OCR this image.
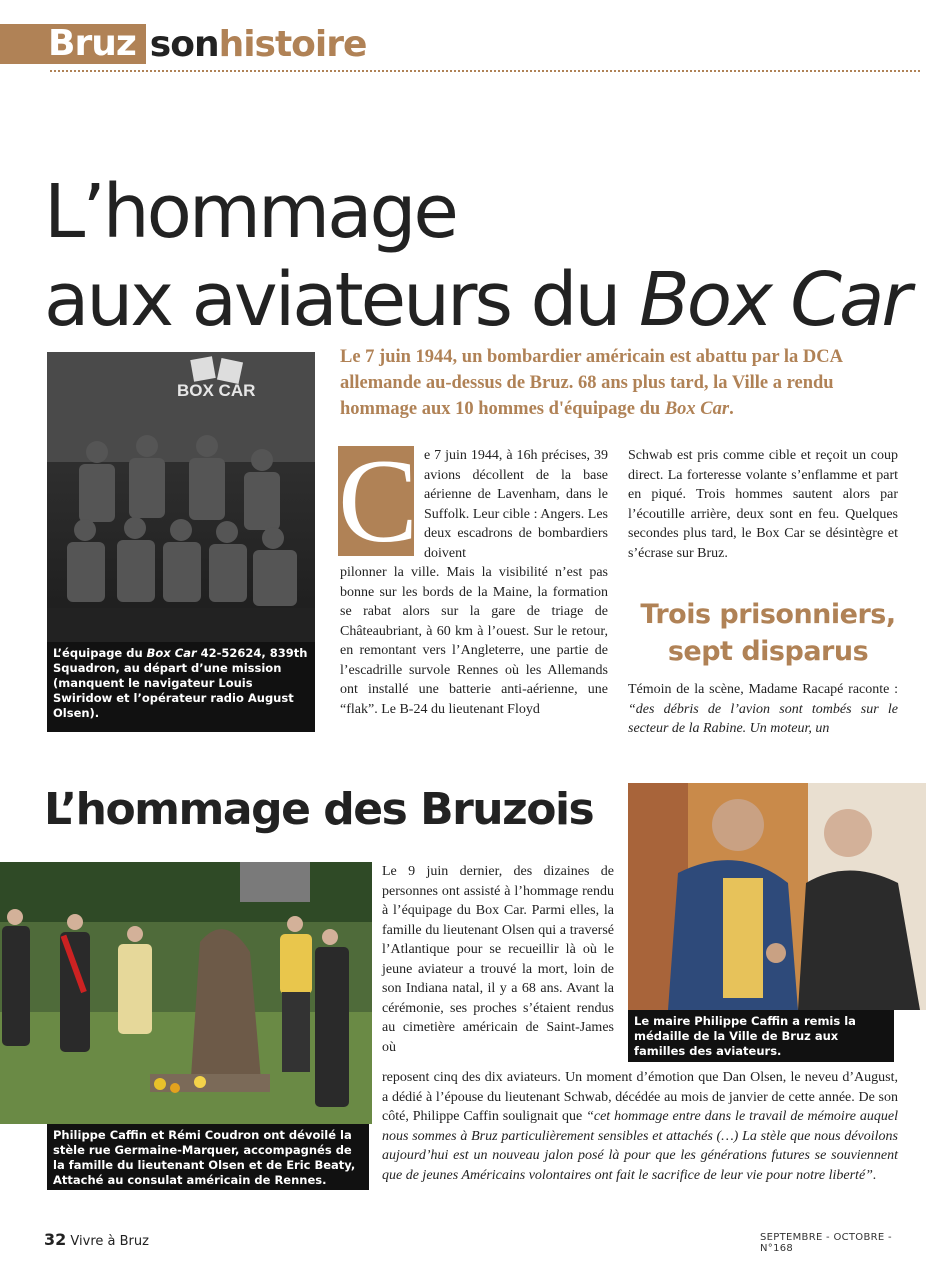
Bruz son histoire
L’hommage
aux aviateurs du Box Car
BOX CAR
L’équipage du Box Car 42-52624, 839th Squadron, au départ d’une mission (manquent le navigateur Louis Swiridow et l’opérateur radio August Olsen).
Le 7 juin 1944, un bombardier américain est abattu par la DCA allemande au-dessus de Bruz. 68 ans plus tard, la Ville a rendu hommage aux 10 hommes d'équipage du Box Car.
C e 7 juin 1944, à 16h précises, 39 avions décollent de la base aérienne de Lavenham, dans le Suffolk. Leur cible : Angers. Les deux escadrons de bombardiers doivent
pilonner la ville. Mais la visibilité n’est pas bonne sur les bords de la Maine, la formation se rabat alors sur la gare de triage de Châteaubriant, à 60 km à l’ouest. Sur le retour, en remontant vers l’Angleterre, une partie de l’escadrille survole Rennes où les Allemands ont installé une batterie anti-aérienne, une “flak”. Le B-24 du lieutenant Floyd
Schwab est pris comme cible et reçoit un coup direct. La forteresse volante s’enflamme et part en piqué. Trois hommes sautent alors par l’écoutille arrière, deux sont en feu. Quelques secondes plus tard, le Box Car se désintègre et s’écrase sur Bruz.
Trois prisonniers, sept disparus
Témoin de la scène, Madame Racapé raconte : “des débris de l’avion sont tombés sur le secteur de la Rabine. Un moteur, un
L’hommage des Bruzois
Le maire Philippe Caffin a remis la médaille de la Ville de Bruz aux familles des aviateurs.
Philippe Caffin et Rémi Coudron ont dévoilé la stèle rue Germaine-Marquer, accompagnés de la famille du lieutenant Olsen et de Eric Beaty, Attaché au consulat américain de Rennes.
Le 9 juin dernier, des dizaines de personnes ont assisté à l’hommage rendu à l’équipage du Box Car. Parmi elles, la famille du lieutenant Olsen qui a traversé l’Atlantique pour se recueillir là où le jeune aviateur a trouvé la mort, loin de son Indiana natal, il y a 68 ans. Avant la cérémonie, ses proches s’étaient rendus au cimetière américain de Saint-James où
reposent cinq des dix aviateurs. Un moment d’émotion que Dan Olsen, le neveu d’August, a dédié à l’épouse du lieutenant Schwab, décédée au mois de janvier de cette année. De son côté, Philippe Caffin soulignait que “cet hommage entre dans le travail de mémoire auquel nous sommes à Bruz particulièrement sensibles et attachés (…) La stèle que nous dévoilons aujourd’hui est un nouveau jalon posé là pour que les générations futures se souviennent que de jeunes Américains volontaires ont fait le sacrifice de leur vie pour notre liberté”.
32 Vivre à Bruz	SEPTEMBRE - OCTOBRE - N°168
